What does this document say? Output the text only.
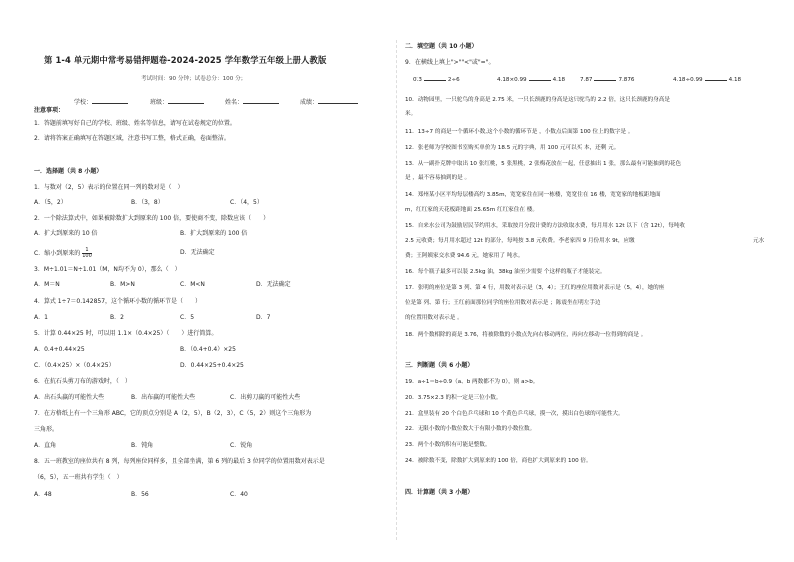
第 1-4 单元期中常考易错押题卷-2024-2025 学年数学五年级上册人教版
考试时间：90 分钟；试卷总分：100 分；
学校：	班级：	姓名：	成绩：
注意事项：
1．答题前填写好自己的学校、班级、姓名等信息，请写在试卷规定的位置。
2．请将答案正确填写在答题区域，注意书写工整，格式正确，卷面整洁。
一．选择题（共 8 小题）
1．与数对（2，5）表示的位置在同一列的数对是（　）
A．（5，2）	B．（3，8）	C．（4，5）
2．一个除法算式中，如果被除数扩大到原来的 100 倍，要使商不变，除数应该（　　）
A．扩大到原来的 10 倍	B．扩大到原来的 100 倍
C．缩小到原来的 $\frac{1}{100}$	D．无法确定
3．M÷1.01＝N÷1.01（M，N均不为 0），那么（　）
A．M＝N	B．M>N	C．M<N	D．无法确定
4．算式 1÷7＝0.142857，这个循环小数的循环节是（　　）
A．1	B．2	C．5	D．7
5．计算 0.44×25 时，可以用 1.1×（0.4×25）（　　）进行简算。
A．0.4+0.44×25	B．（0.4+0.4）×25
C．（0.4×25）×（0.4×25）	D．0.44×25+0.4×25
6．在抗石头剪刀布的游戏时，（　）
A．出石头赢的可能性大些	B．出布赢的可能性大些	C．出剪刀赢的可能性大些
7．在方格纸上有一个三角形 ABC，它的顶点分别是 A（2，5），B（2，3），C（5，2）则这个三角形为
三角形。
A．直角	B．钝角	C．锐角
8．五一班教室的座位共有 8 列，每列座位同样多，且全部坐满，第 6 列的最后 3 位同学的位置用数对表示是
（6，5），五一班共有学生（　）
A．48	B．56	C．40
二．填空题（共 10 小题）
9．在横线上填上">""<"或"="。
0.̇3̇	2÷6	4.18×0.99	4.18	7.8̇7̇	7.8̇7̇6̇	4.18÷0.99	4.18
10．动物园里，一只驼鸟的身高是 2.75 米，一只长颈鹿的身高是这只驼鸟的 2.2 倍，这只长颈鹿的身高是
米。
11．13÷7 的商是一个循环小数,这个小数的循环节是 ，小数点后面第 100 位上的数字是 。
12．张老师为学校图书室购买单价为 18.5 元的字典，用 100 元可以买 本，还剩 元。
13．从一副扑克牌中取出 10 张红桃，5 张黑桃，2 张梅花放在一起，任意抽出 1 张，那么最有可能抽到的花色
是 ，最不容易抽到的是 。
14．郑州某小区平均每层楼高约 3.85m，宽宽家住在同一栋楼，宽宽住在 16 楼，宽宽家的地板距地面
m，红红家的天花板距地面 25.65m 红红家住在 楼。
15．自来水公司为鼓励居民节约用水，采取按月分段计费的方法收取水费，每月用水 12t 以下（含 12t），每吨收
2.5 元收费；每月用水超过 12t 的部分，每吨按 3.8 元收费。李老家四 9 月份用水 9t，应缴	元水
费；王阿姨家交水费 94.6 元，她家用了 吨水。
16．每个瓶子最多可以装 2.5kg 油，38kg 油至少需要 个这样的瓶子才能装完。
17．张明的座位是第 3 列、第 4 行，用数对表示是（3，4）；王红的座位用数对表示是（5，4），她的座
位是第 列、第 行；王红前面那位同学的座位用数对表示是 ；陈震坐在明左手边
的位置用数对表示是 。
18．两个数相除的商是 3.76，将被除数的小数点先向右移动两位，再向左移动一位得到的商是 。
三．判断题（共 6 小题）
19．a÷1＝b÷0.9（a、b 两数都不为 0），则 a>b。
20．3.75×2.3 的积一定是三位小数。
21．盒里装有 20 个白色乒乓球和 10 个黄色乒乓球，摸一次，摸出白色球的可能性大。
22．无限小数的小数位数大于有限小数的小数位数。
23．两个小数的积有可能是整数。
24．被除数不变，除数扩大到原来的 100 倍，商也扩大到原来的 100 倍。
四．计算题（共 3 小题）
